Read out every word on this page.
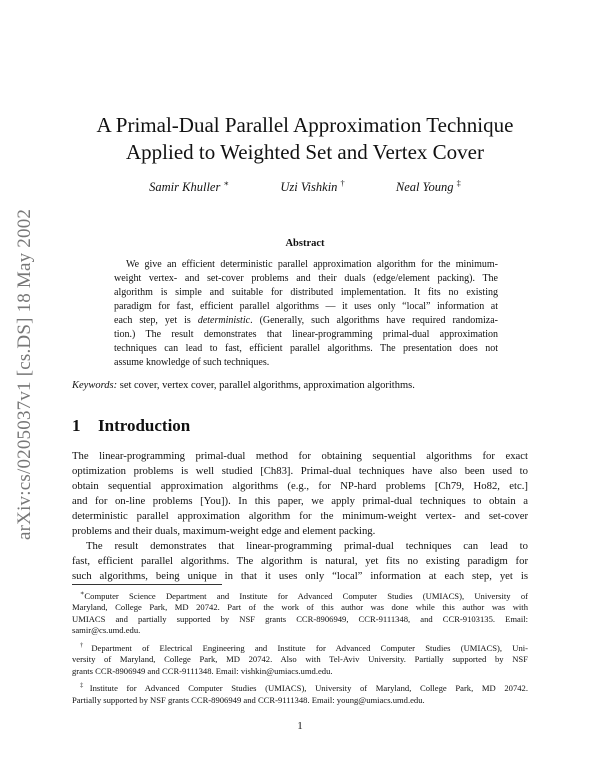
arXiv:cs/0205037v1 [cs.DS] 18 May 2002
A Primal-Dual Parallel Approximation Technique
Applied to Weighted Set and Vertex Cover
Samir Khuller ∗	Uzi Vishkin †	Neal Young ‡
Abstract
We give an efficient deterministic parallel approximation algorithm for the minimum-
weight vertex- and set-cover problems and their duals (edge/element packing). The
algorithm is simple and suitable for distributed implementation. It fits no existing
paradigm for fast, efficient parallel algorithms — it uses only “local” information at
each step, yet is deterministic. (Generally, such algorithms have required randomiza-
tion.) The result demonstrates that linear-programming primal-dual approximation
techniques can lead to fast, efficient parallel algorithms. The presentation does not
assume knowledge of such techniques.
Keywords: set cover, vertex cover, parallel algorithms, approximation algorithms.
1 Introduction
The linear-programming primal-dual method for obtaining sequential algorithms for exact
optimization problems is well studied [Ch83]. Primal-dual techniques have also been used to
obtain sequential approximation algorithms (e.g., for NP-hard problems [Ch79, Ho82, etc.]
and for on-line problems [You]). In this paper, we apply primal-dual techniques to obtain a
deterministic parallel approximation algorithm for the minimum-weight vertex- and set-cover
problems and their duals, maximum-weight edge and element packing.
The result demonstrates that linear-programming primal-dual techniques can lead to
fast, efficient parallel algorithms. The algorithm is natural, yet fits no existing paradigm for
such algorithms, being unique in that it uses only “local” information at each step, yet is
∗Computer Science Department and Institute for Advanced Computer Studies (UMIACS), University of
Maryland, College Park, MD 20742. Part of the work of this author was done while this author was with
UMIACS and partially supported by NSF grants CCR-8906949, CCR-9111348, and CCR-9103135. Email:
samir@cs.umd.edu.
†Department of Electrical Engineering and Institute for Advanced Computer Studies (UMIACS), Uni-
versity of Maryland, College Park, MD 20742. Also with Tel-Aviv University. Partially supported by NSF
grants CCR-8906949 and CCR-9111348. Email: vishkin@umiacs.umd.edu.
‡Institute for Advanced Computer Studies (UMIACS), University of Maryland, College Park, MD 20742.
Partially supported by NSF grants CCR-8906949 and CCR-9111348. Email: young@umiacs.umd.edu.
1
